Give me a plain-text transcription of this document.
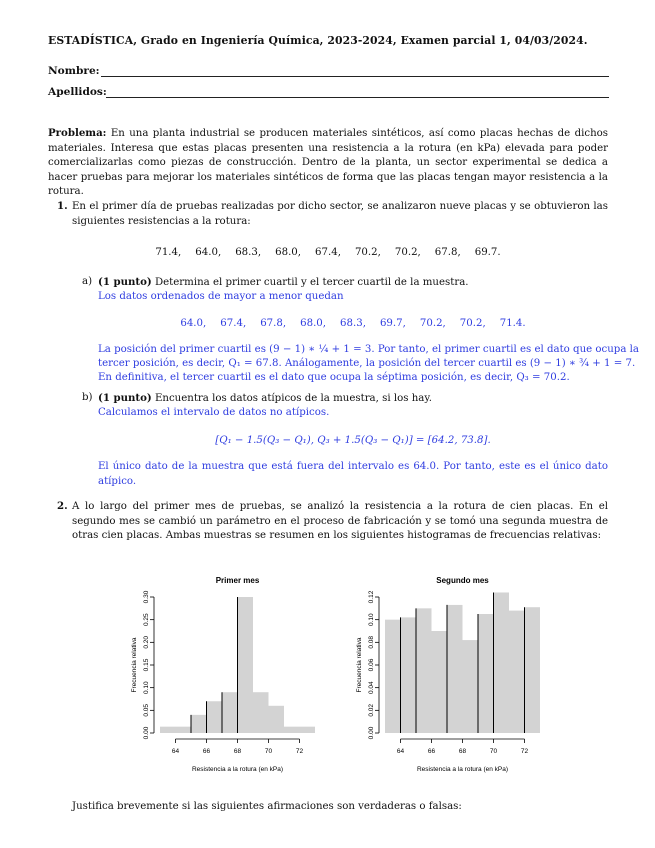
ESTADÍSTICA, Grado en Ingeniería Química, 2023-2024, Examen parcial 1, 04/03/2024.
Nombre:
Apellidos:
Problema: En una planta industrial se producen materiales sintéticos, así como placas hechas de dichos materiales. Interesa que estas placas presenten una resistencia a la rotura (en kPa) elevada para poder comercializarlas como piezas de construcción. Dentro de la planta, un sector experimental se dedica a hacer pruebas para mejorar los materiales sintéticos de forma que las placas tengan mayor resistencia a la rotura.
1. En el primer día de pruebas realizadas por dicho sector, se analizaron nueve placas y se obtuvieron las siguientes resistencias a la rotura:
71.4, 64.0, 68.3, 68.0, 67.4, 70.2, 70.2, 67.8, 69.7.
a) (1 punto) Determina el primer cuartil y el tercer cuartil de la muestra.
Los datos ordenados de mayor a menor quedan
64.0, 67.4, 67.8, 68.0, 68.3, 69.7, 70.2, 70.2, 71.4.
La posición del primer cuartil es (9 − 1) ∗ ¼ + 1 = 3. Por tanto, el primer cuartil es el dato que ocupa la
tercer posición, es decir, Q₁ = 67.8. Análogamente, la posición del tercer cuartil es (9 − 1) ∗ ¾ + 1 = 7.
En definitiva, el tercer cuartil es el dato que ocupa la séptima posición, es decir, Q₃ = 70.2.
b) (1 punto) Encuentra los datos atípicos de la muestra, si los hay.
Calculamos el intervalo de datos no atípicos.
[Q₁ − 1.5(Q₃ − Q₁), Q₃ + 1.5(Q₃ − Q₁)] = [64.2, 73.8].
El único dato de la muestra que está fuera del intervalo es 64.0. Por tanto, este es el único dato atípico.
2. A lo largo del primer mes de pruebas, se analizó la resistencia a la rotura de cien placas. En el segundo mes se cambió un parámetro en el proceso de fabricación y se tomó una segunda muestra de otras cien placas. Ambas muestras se resumen en los siguientes histogramas de frecuencias relativas:
Primer mes
0.00
0.05
0.10
0.15
0.20
0.25
0.30
Frecuencia relativa
64	66	68	70	72
Resistencia a la rotura (en kPa)
Segundo mes
0.00
0.02
0.04
0.06
0.08
0.10
0.12
Frecuencia relativa
64	66	68	70	72
Resistencia a la rotura (en kPa)
Justifica brevemente si las siguientes afirmaciones son verdaderas o falsas:
